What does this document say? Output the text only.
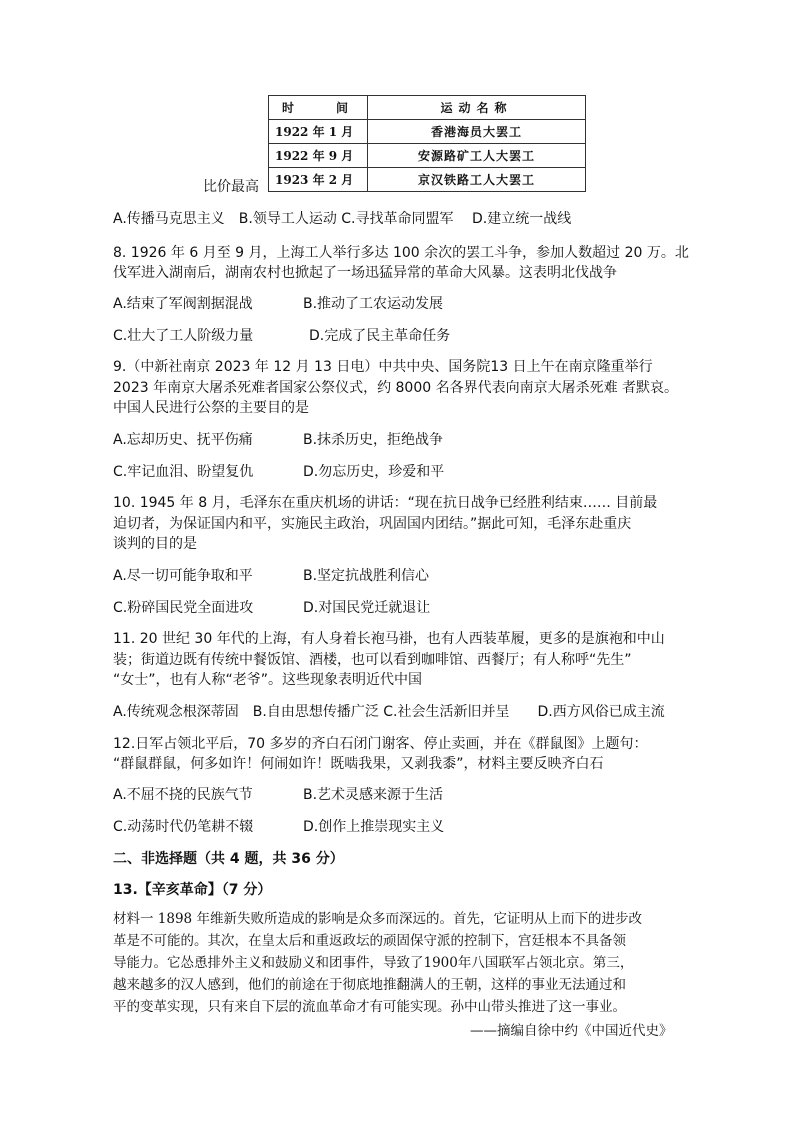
时　　间	运动名称
1922 年 1 月	香港海员大罢工
1922 年 9 月	安源路矿工人大罢工
1923 年 2 月	京汉铁路工人大罢工
比价最高
A.传播马克思主义　B.领导工人运动 C.寻找革命同盟军　 D.建立统一战线
8. 1926 年 6 月至 9 月，上海工人举行多达 100 余次的罢工斗争，参加人数超过 20 万。北
伐军进入湖南后，湖南农村也掀起了一场迅猛异常的革命大风暴。这表明北伐战争
A.结束了军阀割据混战	B.推动了工农运动发展
C.壮大了工人阶级力量	D.完成了民主革命任务
9.（中新社南京 2023 年 12 月 13 日电）中共中央、国务院13 日上午在南京隆重举行
2023 年南京大屠杀死难者国家公祭仪式，约 8000 名各界代表向南京大屠杀死难 者默哀。
中国人民进行公祭的主要目的是
A.忘却历史、抚平伤痛	B.抹杀历史，拒绝战争
C.牢记血泪、盼望复仇	D.勿忘历史，珍爱和平
10. 1945 年 8 月，毛泽东在重庆机场的讲话：“现在抗日战争已经胜利结束…… 目前最
迫切者，为保证国内和平，实施民主政治，巩固国内团结。”据此可知，毛泽东赴重庆
谈判的目的是
A.尽一切可能争取和平	B.坚定抗战胜利信心
C.粉碎国民党全面进攻	D.对国民党迁就退让
11. 20 世纪 30 年代的上海，有人身着长袍马褂，也有人西装革履，更多的是旗袍和中山
装；街道边既有传统中餐饭馆、酒楼，也可以看到咖啡馆、西餐厅；有人称呼“先生”
“女士”，也有人称“老爷”。这些现象表明近代中国
A.传统观念根深蒂固　B.自由思想传播广泛 C.社会生活新旧并呈　　D.西方风俗已成主流
12.日军占领北平后，70 多岁的齐白石闭门谢客、停止卖画，并在《群鼠图》上题句：
“群鼠群鼠，何多如许！何闹如许！既啮我果，又剥我黍”，材料主要反映齐白石
A.不屈不挠的民族气节	B.艺术灵感来源于生活
C.动荡时代仍笔耕不辍	D.创作上推崇现实主义
二、非选择题（共 4 题，共 36 分）
13.【辛亥革命】（7 分）
材料一 1898 年维新失败所造成的影响是众多而深远的。首先，它证明从上而下的进步改
革是不可能的。其次，在皇太后和重返政坛的顽固保守派的控制下，宫廷根本不具备领
导能力。它怂恿排外主义和鼓励义和团事件，导致了1900年八国联军占领北京。第三，
越来越多的汉人感到，他们的前途在于彻底地推翻满人的王朝，这样的事业无法通过和
平的变革实现，只有来自下层的流血革命才有可能实现。孙中山带头推进了这一事业。
——摘编自徐中约《中国近代史》
